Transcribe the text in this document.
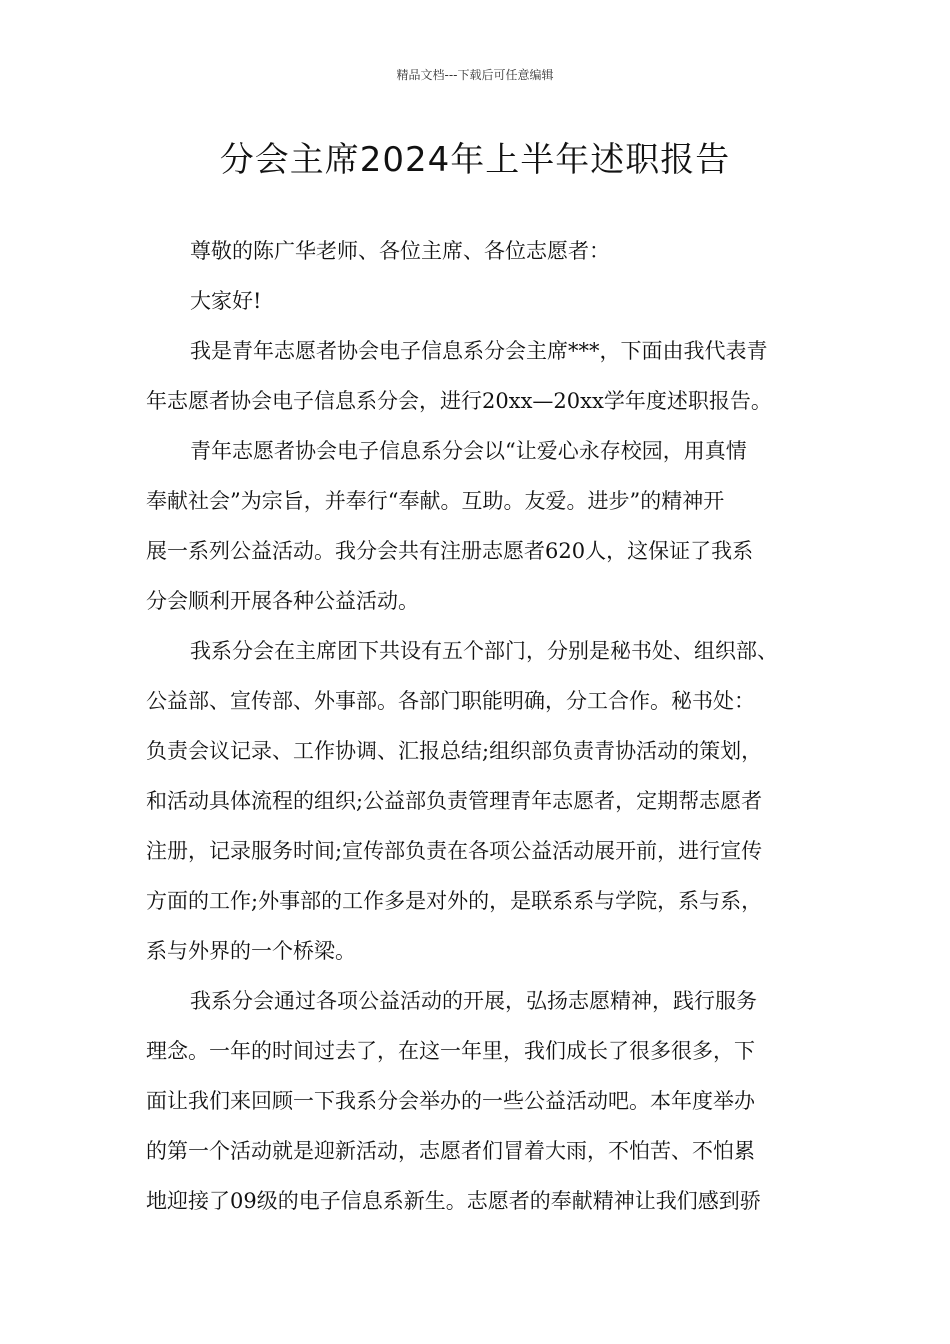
精品文档---下载后可任意编辑
分会主席2024年上半年述职报告
尊敬的陈广华老师、各位主席、各位志愿者：
大家好!
我是青年志愿者协会电子信息系分会主席***，下面由我代表青
年志愿者协会电子信息系分会，进行20xx—20xx学年度述职报告。
青年志愿者协会电子信息系分会以“让爱心永存校园，用真情
奉献社会”为宗旨，并奉行“奉献。互助。友爱。进步”的精神开
展一系列公益活动。我分会共有注册志愿者620人，这保证了我系
分会顺利开展各种公益活动。
我系分会在主席团下共设有五个部门，分别是秘书处、组织部、
公益部、宣传部、外事部。各部门职能明确，分工合作。秘书处：
负责会议记录、工作协调、汇报总结;组织部负责青协活动的策划，
和活动具体流程的组织;公益部负责管理青年志愿者，定期帮志愿者
注册，记录服务时间;宣传部负责在各项公益活动展开前，进行宣传
方面的工作;外事部的工作多是对外的，是联系系与学院，系与系，
系与外界的一个桥梁。
我系分会通过各项公益活动的开展，弘扬志愿精神，践行服务
理念。一年的时间过去了，在这一年里，我们成长了很多很多，下
面让我们来回顾一下我系分会举办的一些公益活动吧。本年度举办
的第一个活动就是迎新活动，志愿者们冒着大雨，不怕苦、不怕累
地迎接了09级的电子信息系新生。志愿者的奉献精神让我们感到骄
